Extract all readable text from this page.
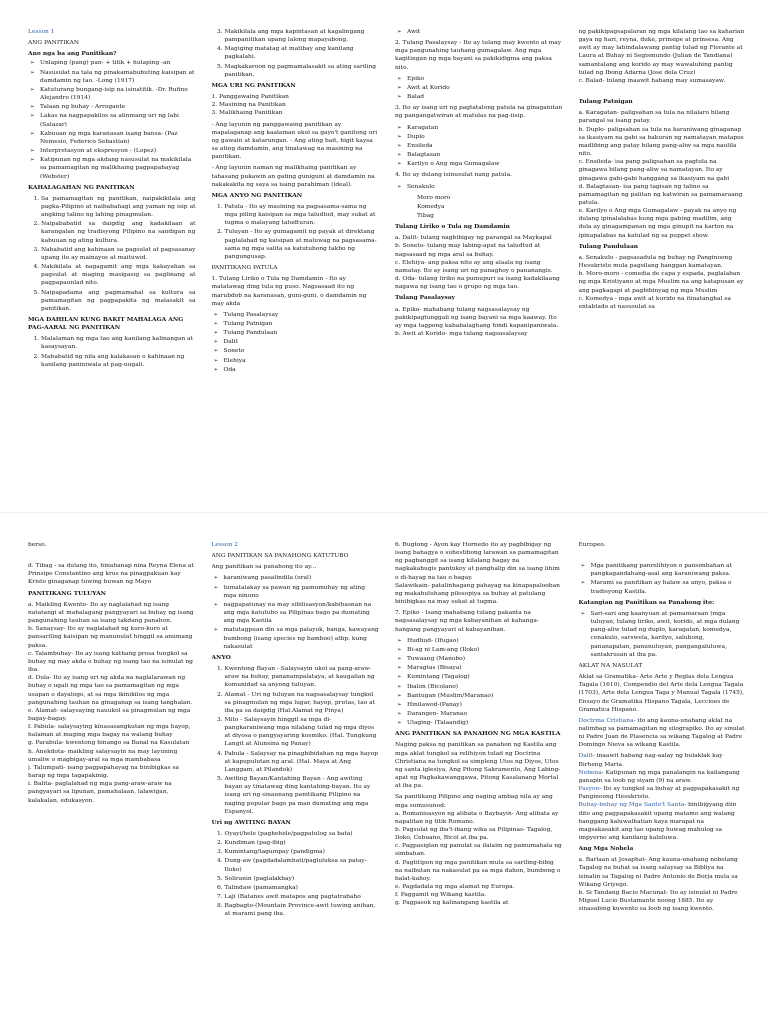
Lesson 1

ANG PANITIKAN

Ano nga ba ang Panitikan?

➢ Unlaping (pang) pan- + titik + hulaping -an
➢ Nasusulat na tala ng pinakamabubuting kaisipan at damdamin ng tao. -Long (1917)
➢ Katuturang bungang-isip na isinatitik. -Dr. Rufino Alejandro (1914)
➢ Talaan ng buhay - Arrogante
➢ Lakas na nagpapakilos sa alinmang uri ng lahi (Salazar)
➢ Kabuuan ng mga karanasan isang bansa- (Paz Nemesio, Federico Sebastian)
➢ Interpretasyon at ekspresyon - (Lopez)
➢ Katipunan ng mga akdang nasusulat na makikilala sa pamamagitan ng malikhaing pagpapahayag (Webster)

KAHALAGAHAN NG PANITIKAN

1. Sa pamamagitan ng panitikan, naipakikilala ang pagka-Pilipino at naibabahagi ang yaman ng isip at angking talino ng lahing pinagmulan.
2. Naipababatid sa daigdig ang kadakilaan at karangalan ng tradisyong Pilipino na sandigan ng kabuuan ng ating kultura.
3. Nababatid ang kahinaan sa pagsulat at pagsasanay upang ito ay mainayos at maituwid.
4. Nakikilala at nagagamit ang mga kakayahan sa pagsulat at maging masigasig sa paglinang at pagpapaunlad nito.
5. Naipapadama ang pagmamahal sa kultura sa pamamagitan ng pagpapakita ng malasakit sa panitikan.

MGA DAHILAN KUNG BAKIT MAHALAGA ANG PAG-AARAL NG PANITIKAN

1. Malalaman ng mga tao ang kanilang kalinangan at kasaysayan.
2. Mababatid ng nila ang kalakasan o kahinaan ng kanilang paniniwala at pag-uugali.
3. Makikilala ang mga kapintasan at kagalingang pampanitikan upang lalong mapayabong.
4. Magiging matatag at matibay ang kanilang pagkalahi.
5. Magkakaroon ng pagmamalasakit sa ating sariling panitikan.

MGA URI NG PANITIKAN

1. Panggawaing Panitikan
2. Masining na Panitikan
3. Malikhaing Panitikan

- Ang layunin ng panggawaing panitikan ay mapalaganap ang kaalaman ukol sa gayo't ganitong uri ng gawain at katarungan. - Ang ating bait, higit kaysa sa ating damdamin, ang tinatawag na masining na panitikan.

- Ang layunin naman ng malikhaing panitikan ay tahasang pukawin an gating guniguni at damdamin na nakakakita ng saya sa isang parahiman (ideal).

MGA ANYO NG PANITIKAN

1. Patula - Ito ay masining na pagsasama-sama ng mga piling kaisipan sa mga taludtud, may sukat at tugma o malayang taludturan.
2. Tuluyan - Ito ay gumagamit ng payak at direktang paglalahad ng kaisipan at maluwag na pagsasama-sama ng mga salita sa katutubong takbo ng pangungusap.

PANITIKANG PATULA

1. Tulang Liriko o Tula ng Damdamin - Ito ay matatawag ding tula ng puso. Nagsasaad ito ng marubdob na karanasan, guni-guni, o damdamin ng may akda

➢ Tulang Pasalaysay
➢ Tulang Patnigan
➢ Tulang Pandulaan
➢ Dalit
➢ Soneto
➢ Elehiya
➢ Oda
➢ Awit

2. Tulang Pasalaysay - Ito ay tulang may kwento at may mga pangunahing tauhang gumagalaw. Ang mga kagitingan ng mga bayani sa pakikidigma ang paksa nito.

➢ Epiko
➢ Awit at Korido
➢ Balad

3. Ito ay isang uri ng pagtatalong patula na ginaganitan ng pangangatwiran at matulas na pag-iisip.

➢ Karagatan
➢ Duplo
➢ Ensileda
➢ Balagtasan
➢ Karilyo o Ang mga Gumagalaw

4. Ito ay dulang isinusulat nang patula.

➢ Senakulo
Moro moro
Komedya
Tibag

Tulang Liriko o Tula ng Damdamin

a. Dalit- tulang nagbibigay ng parangal sa Maykapal
b. Soneto- tulang may labing-apat na taludtud at nagsasaad ng mga aral sa buhay.
c. Elehiya- ang paksa nito ay ang alaala ng isang namatay. Ito ay isang uri ng panaghoy o pananangis.
d. Oda- tulang liriko na pumupuri sa isang kadakilaang nagawa ng isang tao o grupo ng mga tao.

Tulang Pasalaysay

a. Epiko- mahabang tulang nagsasalaysay ng pakikipagtunggali ng isang bayani sa mga kaaway. Ito ay mga tagpong kababalaghang hindi kapanipaniwala.
b. Awit at Korido- mga tulang nagsasalaysay

ng pakikipagsapalaran ng mga kilalang tao sa kaharian gaya ng hari, reyna, duke, prinsipe at prinsesa. Ang awit ay may labindalawang pantig tulad ng Florante at Laura at Buhay ni Segismundo (Julian de Tandiana) samantalang ang korido ay may wawaluhing pantig tulad ng Ibong Adarna (Jose dela Cruz)
c. Balad- tulang inaawit habang may sumasayaw.

Tulang Patnigan

a. Karagatan- paligsahan sa tula na nilalaro bilang parangal sa isang patay.
b. Duplo- paligsahan sa tula na karaniwang ginaganap sa ikasiyam na gabi sa bakuran ng namatayan matapos madlibing ang patay bilang pang-aliw sa mga naulila nito.
c. Ensileda- isa pang paligsahan sa pagtula na ginagawa bilang pang-aliw sa namatayan. Ito ay ginagawa gabi-gabi hanggang sa ikasiyam na gabi
d. Balagtasan- isa pang tagisan ng talino sa pamamagitan ng palitan ng katwiran sa pamamaraang patula.
e. Karilyo o Ang mga Gumagalaw - payak na anyo ng dulang ipinalalabas kung mga gabing madilim, ang dula ay ginagampanan ng mga ginupit na karton na ipinapalabas na katulad ng sa puppet show.

Tulang Pandulaan

a. Senakulo - pagsasadula ng buhay ng Panginoong Hesukristo mula pagsilang hanggan kamatayan.
b. Moro-moro - comedia de capa y espada, paglalaban ng mga Kristiyano at mga Muslim na ang katapusan ay ang pagkagapi at pagbibinyag ng mga Muslim
c. Komedya - mga awit at kurido na itinatanghal sa entablado at nasusulat sa

berso.

d. Tibag - sa dulang ito, hinahanap nina Reyna Elena at Prinsipe Constantino ang krus na pinagpakuan kay Kristo ginaganap tuwing buwan ng Mayo

PANITIKANG TULUYAN

a. Maikling Kwento- Ito ay naglalahad ng isang natatangi at mahalagang pangyayari sa buhay ng isang pangunahing tauhan sa isang takdang panahon.
b. Sanaysay- Ito ay naglalahad ng kuro-kuro at pansariling kaisipan ng manunulat hinggil sa anumang paksa.
c. Talambuhay- Ito ay isang kathang prosa tungkol sa buhay ng may akda o buhay ng isang tao na isinulat ng iba.
d. Dula- Ito ay isang uri ng akda na naglalarawan ng buhay o ugali ng mga tao sa pamamagitan ng mga usapan o dayalogo, at sa mga ikinikilos ng mga pangunahing tauhan na ginaganap sa isang tanghalan.
e. Alamat- salaysaying nauukol sa pinagmulan ng mga bagay-bagay.
f. Pabula- salaysaying kinasasangkutan ng mga hayop, halaman at maging mga bagay na walang buhay
g. Parabula- kwentong hinango sa Banal na Kasulatan
h. Anekdota- maikling salaysayin na may layuning umaliw o magbigay-aral sa mga mambabasa
j. Talumpati- isang pagpapahayag na binibigkas sa harap ng mga tagapakinig.
i. Balita- paglalahad ng mga pang-araw-araw na pangyayari sa lipunan, pamahalaan, lalawigan, kalakalan, edukasyon.

Lesson 2

ANG PANITIKAN SA PANAHONG KATUTUBO

Ang panitikan sa panahong ito ay...

➢ karaniwang pasalindila (oral)
➢ tumatalakay sa pawan ng pamumuhay ng ating mga ninuno
➢ nagpapatunay na may sibilisasyon/kabihasnan na ang mga katutubo sa Pilipinas bago pa dumating ang mga Kastila
➢ matutagpuan din sa mga palayok, banga, kawayang bumbong (isang species ng bamboo) atbp. kung nakasulat

ANYO

1. Kwentong Bayan - Salaysayin ukol sa pang-araw-araw na buhay, pananampalataya, at kaugalian ng komunidad sa anyong tuluyan.
2. Alamat - Uri ng tuluyan na nagsasalaysay tungkol sa pinagmulan ng mga lugar, hayop, prutas, tao at iba pa sa daigdig (Hal.Alamat ng Pinya)
3. Mito - Salaysayin hinggil sa mga di-pangkaraniwang mga nilalang tulad ng mga diyos at diyosa o pangyayaring kosmiko. (Hal. Tungkung Langit at Alunsina ng Panay)
4. Pabula - Salaysay na pinagbibidahan ng mga hayop at kapupulutan ng aral. (Hal. Maya at Ang Langgam, at Pilandok)
5. Awiting Bayan/Kantahing Bayan - Ang awiting bayan ay tinatawag ding kantahing-bayan. Ito ay isang uri ng sinaunang panitikang Pilipino na naging popular bago pa man dumating ang mga Espanyol.

Uri ng AWITING BAYAN

1. Oyayi/hele (paghehele/pagpatulog sa bata)
2. Kundiman (pag-ibig)
3. Kumintang/tagumpay (pandigma)
4. Dung-aw (pagdadalamhati/pagluluksa sa patay-Iloko)
5. Soliranin (paglalakbay)
6. Talindaw (pamamangka)
7. Laji (Batanes awit matapos ang pagtatrabaho
8. Bagbagto-(Mountain Province-awit tuwing anihan, at marami pang iba.

6. Bugtong - Ayon kay Hornedo ito ay pagbibigay ng isang bahagya o suhestibong larawan sa pamamagitan ng pagbanggit sa isang kilalang bagay na nagkakahugis pantukoy at panghalip din sa isang lihim o di-hayag na tao o bagay.
Salawikain- patalinhagang pahayag na kinapapalooban ng makabuluhang pilosopiya sa buhay at patulang binibigkas na may sukat at tugma.

7. Epiko - Isang mahabang tulang pakanta na nagsasalaysay ng mga kabayanihan at kahanga-hangang pangyayari at kabayanihan.

➢ Hudhud- (Ifugao)
➢ Bi-ag ni Lam-ang (Iloko)
➢ Tuwaang (Manobo)
➢ Maragtas (Bisaya)
➢ Kumintang (Tagalog)
➢ Ibalon (Bicolano)
➢ Bantugan (Muslim/Maranao)
➢ Hinilawod-(Panay)
➢ Darangen- Maranao
➢ Ulaging- (Talaandig)

ANG PANITIKAN SA PANAHON NG MGA KASTILA

Naging paksa ng panitikan sa panahon ng Kastila ang mga aklat tungkol sa relihiyon tulad ng Doctrina Christiana na tungkol sa simpleng Utos ng Diyos, Utos ng santa iglesiya, Ang Pitong Sakramento, Ang Labing-apat ng Pagkakawanggawa, Pitong Kasalanang Mortal at iba pa.

Sa panitikang Pilipino ang naging ambag nila ay ang mga sumusunod:
a. Romanisasyon ng alibata o Baybayin- Ang alibata ay napalitan ng titik Romano.
b. Pagsulat ng iba't-ibang wika sa Pilipinas- Tagalog, Iloko, Cebuano, Bicol at iba pa.
c. Pagpasiglan ng panulat sa ilalaim ng pamumahala ng simbahan.
d. Pagtitipon ng mga panitikan mula sa sariling-bibig na naibutan na nakasulat pa sa mga dahon, bumbong o balat-kahoy.
e. Pagdadala ng mga alamat ng Europa.
f. Paggamit ng Wikang kastila.
g. Pagpasok ng kalinangang kastila at

Europeo.

➢ Mga panitikang panrelihiyon o pansimbahan at pangkagandahang-asal ang karaniwang paksa.
➢ Marami sa panitikan ay halaw sa anyo, paksa o tradisyong Kastila.

Katangian ng Panitikan sa Panahong ito:

➢ Sari-sari ang kaanyuan at pamamaraan (mga tuluyan, tulang liriko, awit, korido, at mga dulang pang-aliw tulad ng duplo, karagatan, komedya, cenakulo, sarswela, karilyo, salubong, pananapatan, panunuluyan, pangangaluluwa, santakrusan at iba pa.

AKLAT NA NASULAT

Aklat sa Gramatika- Arte Arte y Reglas dela Lengua Tagala (1610), Compendio del Arte dela Lengua Tagala (1703), Arte dela Lengua Taga y Manual Tagala (1745), Ensayo de Gramatika Hispano Tagala, Leccioes de Gramatica Hispano.

Doctrina Cristiana- ito ang kauna-unahang aklat na nalimbag sa pamamagitan ng silograpiko. Ito ay sinulat ni Padre Juan de Plasencia sa wikang Tagalog at Padre Domingo Nieva sa wikang Kastila.

Dalit- inaawit habang nag-aalay ng bulaklak kay Birheng Maria.

Nobena- Katipunan ng mga panalangin na kailangang ganapin sa loob ng siyam (9) na araw.

Pasyon- Ito ay tungkol sa buhay at pagpapakasakit ng Panginoong Hesukristo.

Buhay-buhay ng Mga Santo't Santa- binibigyang diin dito ang pagpapakasakit upang matamo ang walang hanggang kaluwalhatian kaya marapat na magsakasakit ang tao upang huwag mahulog sa impyerno ang kanilang kaluluwa.

Ang Mga Nobela

a. Barlaan at Josaphat- Ang kauna-unahang nobelang Tagalog na buhat sa isang salaysay sa Bibliya na isinalin sa Tagalog ni Padre Antonio de Borja mula sa Wikang Griyego.
b. Si Tandang Bacio Macunat- Ito ay isinulat ni Padre Miguel Lucio Bustamante noong 1885. Ito ay sinasabing kuwento sa loob ng isang kwento.
